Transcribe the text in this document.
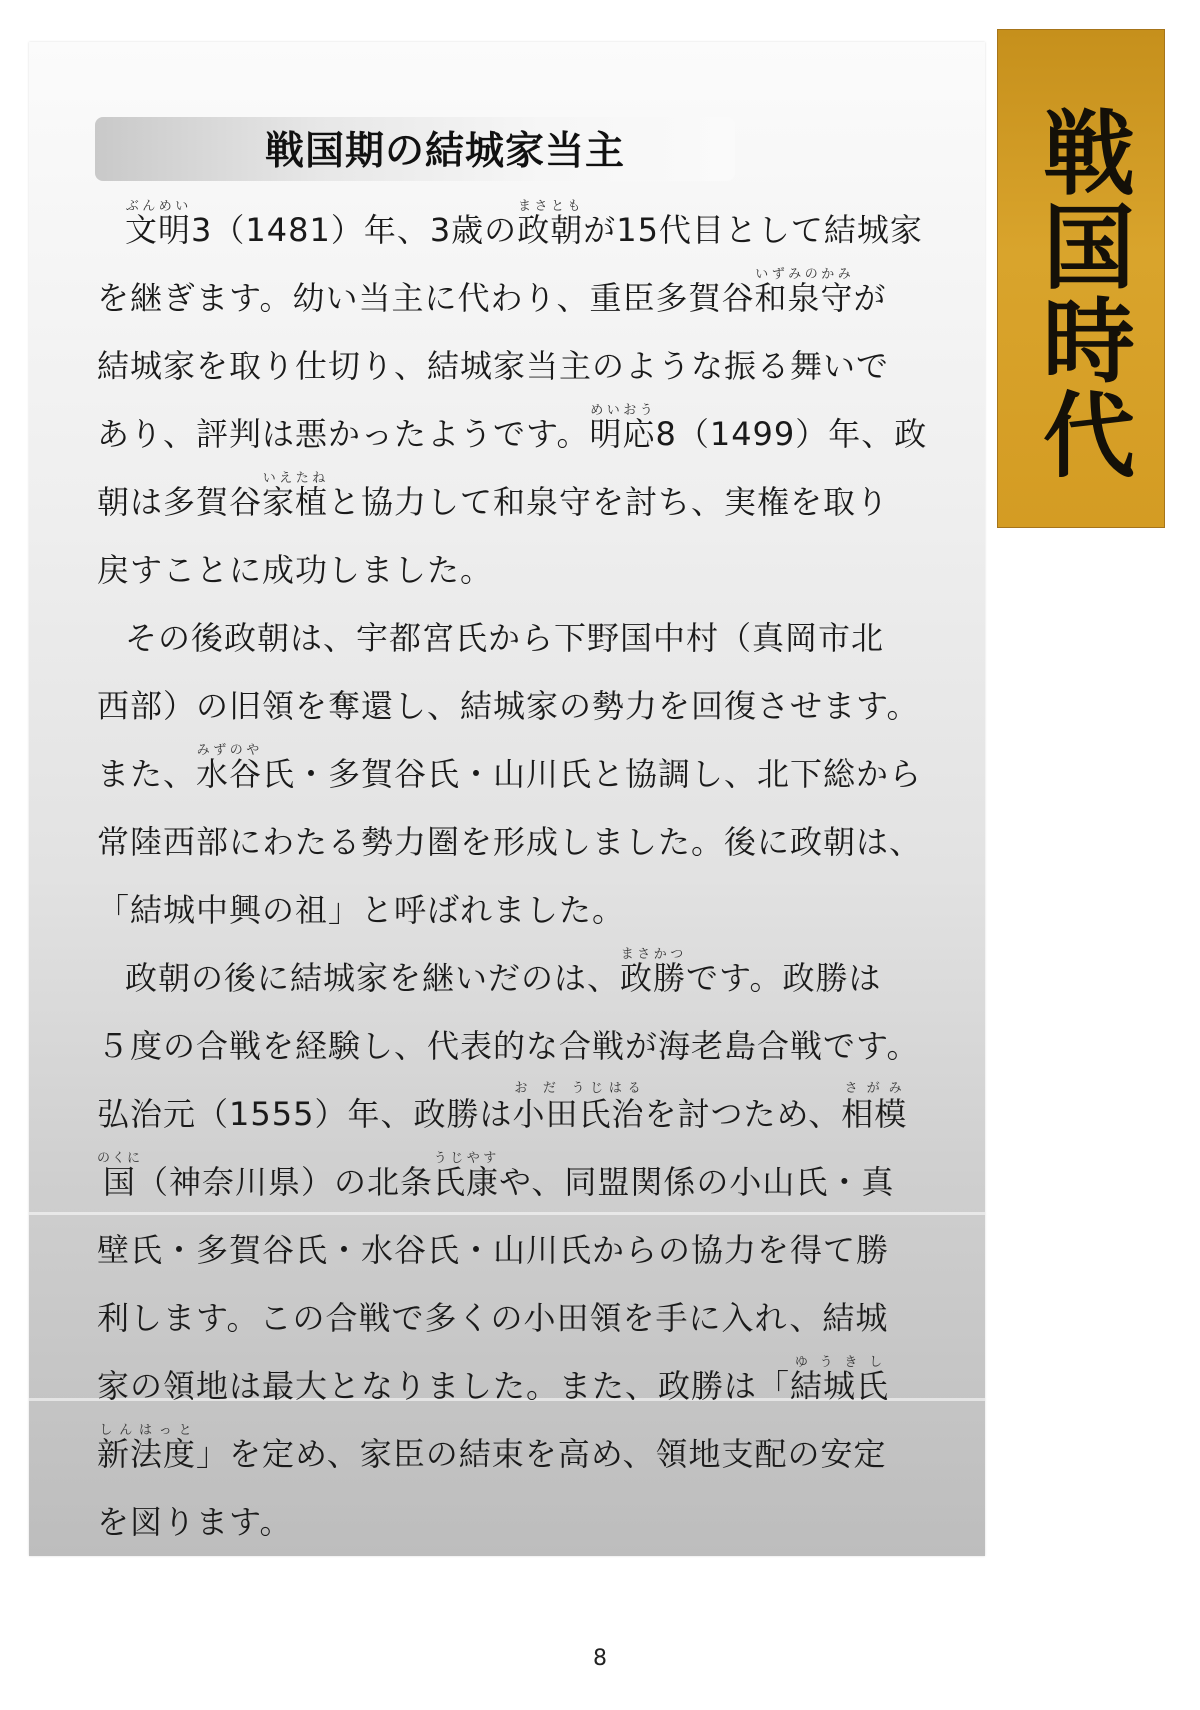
戦国期の結城家当主
文明ぶんめい3（1481）年、3歳の政朝まさともが15代目として結城家
を継ぎます。幼い当主に代わり、重臣多賀谷和泉守いずみのかみが
結城家を取り仕切り、結城家当主のような振る舞いで
あり、評判は悪かったようです。明応めいおう8（1499）年、政
朝は多賀谷家植いえたねと協力して和泉守を討ち、実権を取り
戻すことに成功しました。
その後政朝は、宇都宮氏から下野国中村（真岡市北
西部）の旧領を奪還し、結城家の勢力を回復させます。
また、水谷みずのや氏・多賀谷氏・山川氏と協調し、北下総から
常陸西部にわたる勢力圏を形成しました。後に政朝は、
「結城中興の祖」と呼ばれました。
政朝の後に結城家を継いだのは、政勝まさかつです。政勝は
５度の合戦を経験し、代表的な合戦が海老島合戦です。
弘治元（1555）年、政勝は小田氏治お だ うじはるを討つため、相模さがみ
国のくに（神奈川県）の北条氏康うじやすや、同盟関係の小山氏・真
壁氏・多賀谷氏・水谷氏・山川氏からの協力を得て勝
利します。この合戦で多くの小田領を手に入れ、結城
家の領地は最大となりました。また、政勝は「結城氏ゆうきし
新法度しんはっと」を定め、家臣の結束を高め、領地支配の安定
を図ります。
戦国時代
8
